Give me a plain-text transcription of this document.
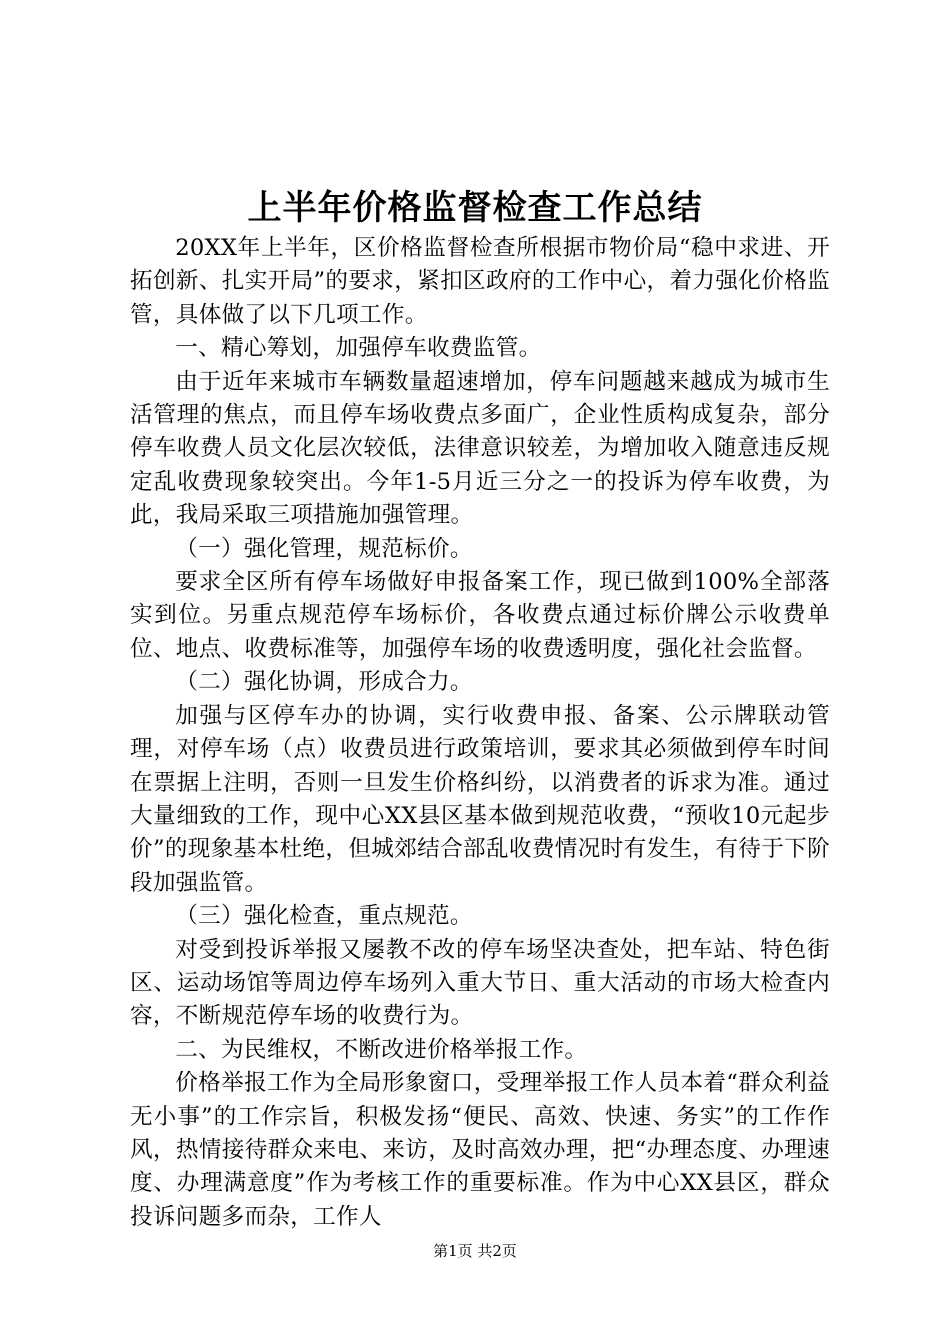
上半年价格监督检查工作总结

20XX年上半年，区价格监督检查所根据市物价局“稳中求进、开拓创新、扎实开局”的要求，紧扣区政府的工作中心，着力强化价格监管，具体做了以下几项工作。

一、精心筹划，加强停车收费监管。

由于近年来城市车辆数量超速增加，停车问题越来越成为城市生活管理的焦点，而且停车场收费点多面广，企业性质构成复杂，部分停车收费人员文化层次较低，法律意识较差，为增加收入随意违反规定乱收费现象较突出。今年1-5月近三分之一的投诉为停车收费，为此，我局采取三项措施加强管理。

（一）强化管理，规范标价。

要求全区所有停车场做好申报备案工作，现已做到100%全部落实到位。另重点规范停车场标价，各收费点通过标价牌公示收费单位、地点、收费标准等，加强停车场的收费透明度，强化社会监督。

（二）强化协调，形成合力。

加强与区停车办的协调，实行收费申报、备案、公示牌联动管理，对停车场（点）收费员进行政策培训，要求其必须做到停车时间在票据上注明，否则一旦发生价格纠纷，以消费者的诉求为准。通过大量细致的工作，现中心XX县区基本做到规范收费，“预收10元起步价”的现象基本杜绝，但城郊结合部乱收费情况时有发生，有待于下阶段加强监管。

（三）强化检查，重点规范。

对受到投诉举报又屡教不改的停车场坚决查处，把车站、特色街区、运动场馆等周边停车场列入重大节日、重大活动的市场大检查内容，不断规范停车场的收费行为。

二、为民维权，不断改进价格举报工作。

价格举报工作为全局形象窗口，受理举报工作人员本着“群众利益无小事”的工作宗旨，积极发扬“便民、高效、快速、务实”的工作作风，热情接待群众来电、来访，及时高效办理，把“办理态度、办理速度、办理满意度”作为考核工作的重要标准。作为中心XX县区，群众投诉问题多而杂，工作人

第1页 共2页
